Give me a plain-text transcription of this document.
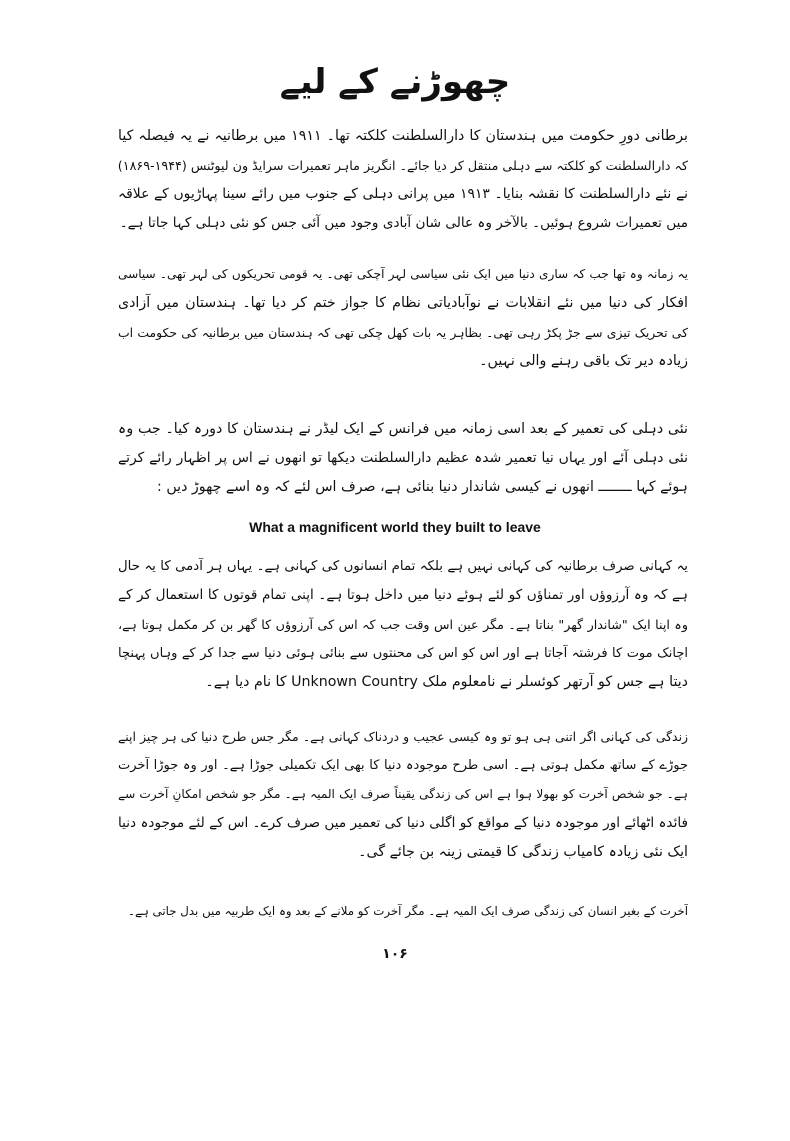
چھوڑنے کے لیے
برطانی دورِ حکومت میں ہندستان کا دارالسلطنت کلکتہ تھا۔ ۱۹۱۱ میں برطانیہ نے یہ فیصلہ کیا
کہ دارالسلطنت کو کلکتہ سے دہلی منتقل کر دیا جائے۔ انگریز ماہر تعمیرات سرایڈ ون لیوٹنس (۱۹۴۴-۱۸۶۹)
نے نئے دارالسلطنت کا نقشہ بنایا۔ ۱۹۱۳ میں پرانی دہلی کے جنوب میں رائے سینا پہاڑیوں کے علاقہ
میں تعمیرات شروع ہوئیں۔ بالآخر وہ عالی شان آبادی وجود میں آئی جس کو نئی دہلی کہا جاتا ہے۔
یہ زمانہ وہ تھا جب کہ ساری دنیا میں ایک نئی سیاسی لہر آچکی تھی۔ یہ قومی تحریکوں کی لہر تھی۔ سیاسی
افکار کی دنیا میں نئے انقلابات نے نوآبادیاتی نظام کا جواز ختم کر دیا تھا۔ ہندستان میں آزادی
کی تحریک تیزی سے جڑ پکڑ رہی تھی۔ بظاہر یہ بات کھل چکی تھی کہ ہندستان میں برطانیہ کی حکومت اب
زیادہ دیر تک باقی رہنے والی نہیں۔
نئی دہلی کی تعمیر کے بعد اسی زمانہ میں فرانس کے ایک لیڈر نے ہندستان کا دورہ کیا۔ جب وہ
نئی دہلی آئے اور یہاں نیا تعمیر شدہ عظیم دارالسلطنت دیکھا تو انھوں نے اس پر اظہار رائے کرتے
ہوئے کہا ــــــــ انھوں نے کیسی شاندار دنیا بنائی ہے، صرف اس لئے کہ وہ اسے چھوڑ دیں :
What a magnificent world they built to leave
یہ کہانی صرف برطانیہ کی کہانی نہیں ہے بلکہ تمام انسانوں کی کہانی ہے۔ یہاں ہر آدمی کا یہ حال
ہے کہ وہ آرزوؤں اور تمناؤں کو لئے ہوئے دنیا میں داخل ہوتا ہے۔ اپنی تمام قوتوں کا استعمال کر کے
وہ اپنا ایک "شاندار گھر" بناتا ہے۔ مگر عین اس وقت جب کہ اس کی آرزوؤں کا گھر بن کر مکمل ہوتا ہے،
اچانک موت کا فرشتہ آجاتا ہے اور اس کو اس کی محنتوں سے بنائی ہوئی دنیا سے جدا کر کے وہاں پہنچا
دیتا ہے جس کو آرتھر کوئسلر نے نامعلوم ملک Unknown Country کا نام دیا ہے۔
زندگی کی کہانی اگر اتنی ہی ہو تو وہ کیسی عجیب و دردناک کہانی ہے۔ مگر جس طرح دنیا کی ہر چیز اپنے
جوڑے کے ساتھ مکمل ہوتی ہے۔ اسی طرح موجودہ دنیا کا بھی ایک تکمیلی جوڑا ہے۔ اور وہ جوڑا آخرت
ہے۔ جو شخص آخرت کو بھولا ہوا ہے اس کی زندگی یقیناً صرف ایک المیہ ہے۔ مگر جو شخص امکانِ آخرت سے
فائدہ اٹھائے اور موجودہ دنیا کے مواقع کو اگلی دنیا کی تعمیر میں صرف کرے۔ اس کے لئے موجودہ دنیا
ایک نئی زیادہ کامیاب زندگی کا قیمتی زینہ بن جائے گی۔
آخرت کے بغیر انسان کی زندگی صرف ایک المیہ ہے۔ مگر آخرت کو ملانے کے بعد وہ ایک طربیہ میں بدل جاتی ہے۔
۱۰۶
